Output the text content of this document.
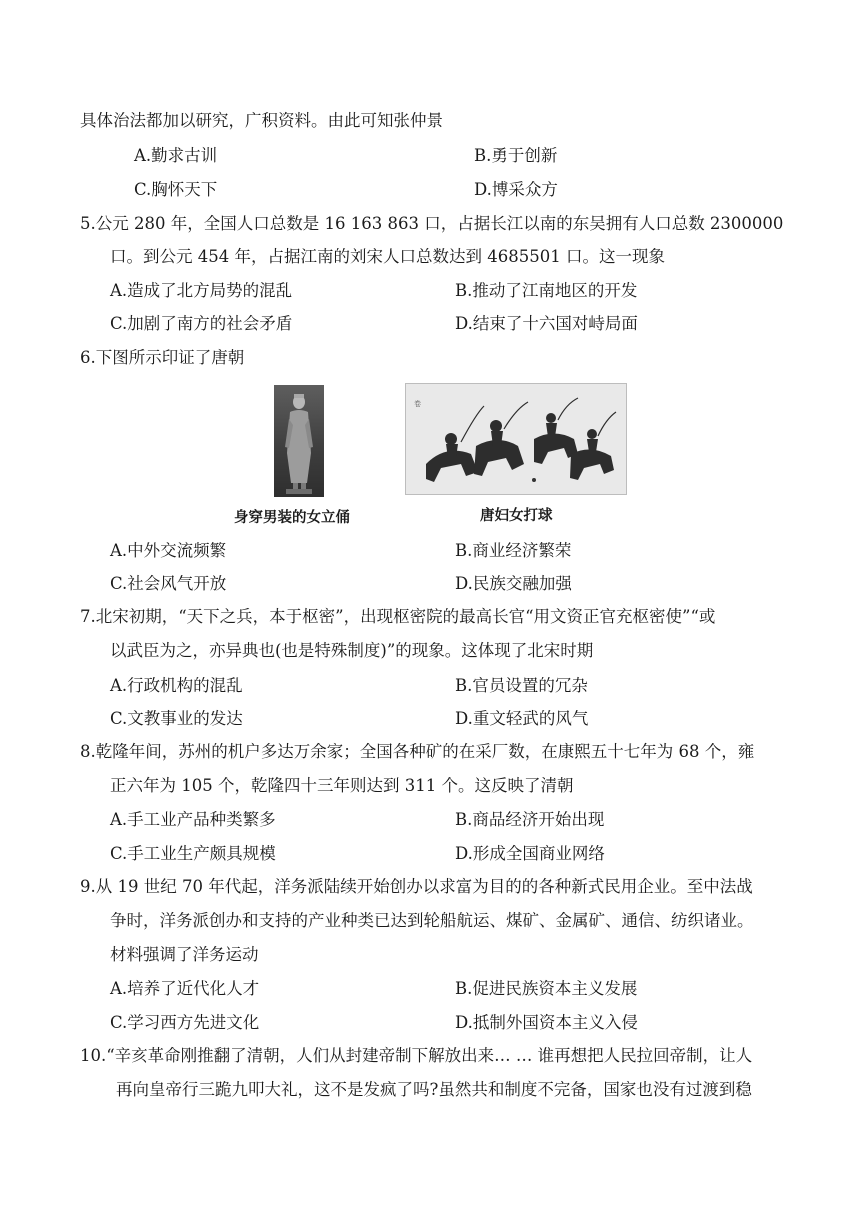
具体治法都加以研究，广积资料。由此可知张仲景
A.勤求古训	B.勇于创新
C.胸怀天下	D.博采众方
5.公元 280 年，全国人口总数是 16 163 863 口，占据长江以南的东吴拥有人口总数 2300000
口。到公元 454 年，占据江南的刘宋人口总数达到 4685501 口。这一现象
A.造成了北方局势的混乱	B.推动了江南地区的开发
C.加剧了南方的社会矛盾	D.结束了十六国对峙局面
6.下图所示印证了唐朝
卷
身穿男装的女立俑	唐妇女打球
A.中外交流频繁	B.商业经济繁荣
C.社会风气开放	D.民族交融加强
7.北宋初期，“天下之兵，本于枢密”，出现枢密院的最高长官“用文资正官充枢密使”“或
以武臣为之，亦异典也(也是特殊制度)”的现象。这体现了北宋时期
A.行政机构的混乱	B.官员设置的冗杂
C.文教事业的发达	D.重文轻武的风气
8.乾隆年间，苏州的机户多达万余家；全国各种矿的在采厂数，在康熙五十七年为 68 个，雍
正六年为 105 个，乾隆四十三年则达到 311 个。这反映了清朝
A.手工业产品种类繁多	B.商品经济开始出现
C.手工业生产颇具规模	D.形成全国商业网络
9.从 19 世纪 70 年代起，洋务派陆续开始创办以求富为目的的各种新式民用企业。至中法战
争时，洋务派创办和支持的产业种类已达到轮船航运、煤矿、金属矿、通信、纺织诸业。
材料强调了洋务运动
A.培养了近代化人才	B.促进民族资本主义发展
C.学习西方先进文化	D.抵制外国资本主义入侵
10.“辛亥革命刚推翻了清朝，人们从封建帝制下解放出来… … 谁再想把人民拉回帝制，让人
再向皇帝行三跪九叩大礼，这不是发疯了吗?虽然共和制度不完备，国家也没有过渡到稳
